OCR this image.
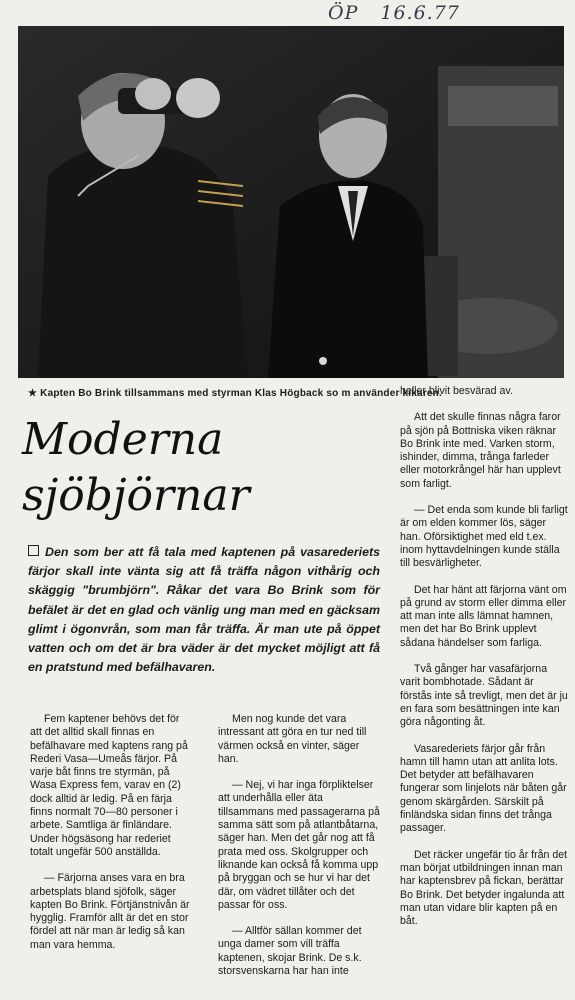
ÖP 16.6.77
★ Kapten Bo Brink tillsammans med styrman Klas Högback so m använder kikaren.
Moderna
sjöbjörnar

Den som ber att få tala med kaptenen på vasarederiets färjor skall inte vänta sig att få träffa någon vithårig och skäggig "brumbjörn". Råkar det vara Bo Brink som för befälet är det en glad och vänlig ung man med en gäcksam glimt i ögonvrån, som man får träffa. Är man ute på öppet vatten och om det är bra väder är det mycket möjligt att få en pratstund med befälhavaren.

Fem kaptener behövs det för att det alltid skall finnas en befälhavare med kaptens rang på Rederi Vasa—Umeås färjor. På varje båt finns tre styrmän, på Wasa Express fem, varav en (2) dock alltid är ledig. På en färja finns normalt 70—80 personer i arbete. Samtliga är finländare. Under högsäsong har rederiet totalt ungefär 500 anställda.

— Färjorna anses vara en bra arbetsplats bland sjöfolk, säger kapten Bo Brink. Förtjänstnivån är hygglig. Framför allt är det en stor fördel att när man är ledig så kan man vara hemma.

Men nog kunde det vara intressant att göra en tur ned till värmen också en vinter, säger han.

— Nej, vi har inga förpliktelser att underhålla eller äta tillsammans med passagerarna på samma sätt som på atlantbåtarna, säger han. Men det går nog att få prata med oss. Skolgrupper och liknande kan också få komma upp på bryggan och se hur vi har det där, om vädret tillåter och det passar för oss.

— Alltför sällan kommer det unga damer som vill träffa kaptenen, skojar Brink. De s.k. storsvenskarna har han inte

heller blivit besvärad av.

Att det skulle finnas några faror på sjön på Bottniska viken räknar Bo Brink inte med. Varken storm, ishinder, dimma, trånga farleder eller motorkrångel här han upplevt som farligt.

— Det enda som kunde bli farligt är om elden kommer lös, säger han. Oförsiktighet med eld t.ex. inom hyttavdelningen kunde ställa till besvärligheter.

Det har hänt att färjorna vänt om på grund av storm eller dimma eller att man inte alls lämnat hamnen, men det har Bo Brink upplevt sådana händelser som farliga.

Två gånger har vasafärjorna varit bombhotade. Sådant är förstås inte så trevligt, men det är ju en fara som besättningen inte kan göra någonting åt.

Vasarederiets färjor går från hamn till hamn utan att anlita lots. Det betyder att befälhavaren fungerar som linjelots när båten går genom skärgården. Särskilt på finländska sidan finns det trånga passager.

Det räcker ungefär tio år från det man börjat utbildningen innan man har kaptensbrev på fickan, berättar Bo Brink. Det betyder ingalunda att man utan vidare blir kapten på en båt.
